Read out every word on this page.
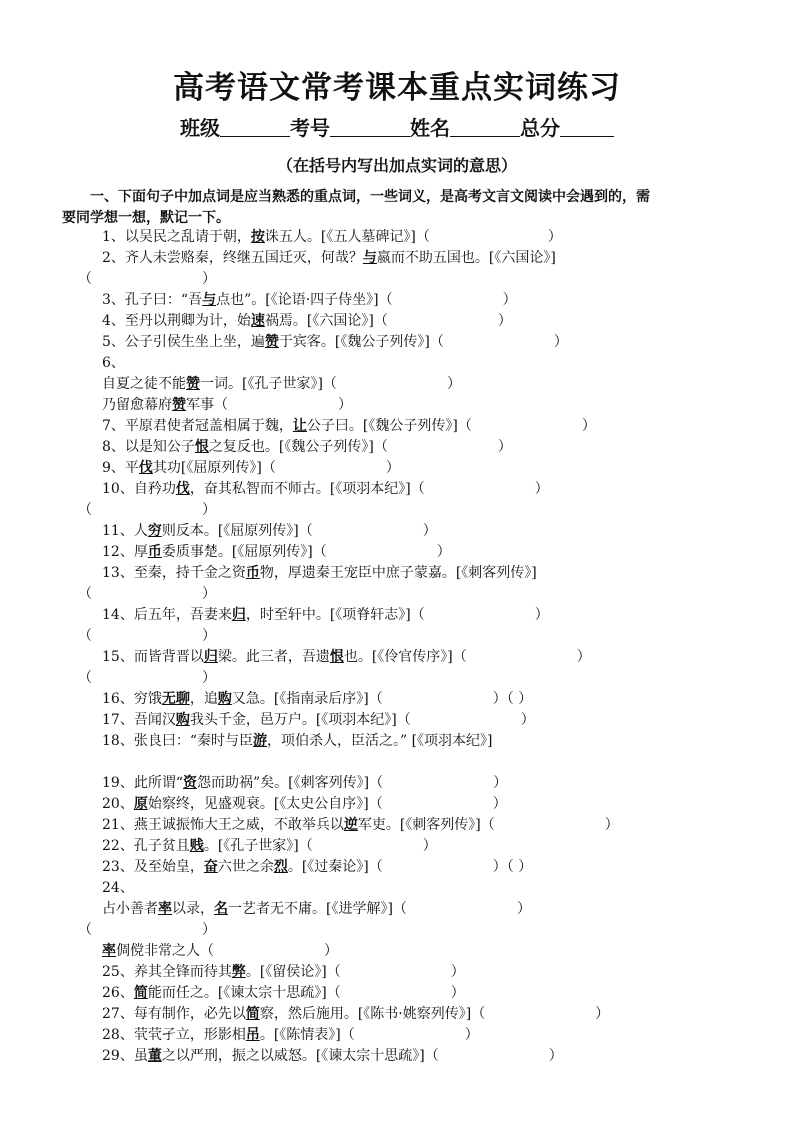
高考语文常考课本重点实词练习
班级	考号	姓名	总分
（在括号内写出加点实词的意思）
一、下面句子中加点词是应当熟悉的重点词，一些词义，是高考文言文阅读中会遇到的，需
要同学想一想，默记一下。
1、以吴民之乱请于朝，按诛五人。[《五人墓碑记》]（	）
2、齐人未尝赂秦，终继五国迁灭，何哉？与嬴而不助五国也。[《六国论》]
（	）
3、孔子曰：“吾与点也”。[《论语·四子侍坐》]（	）
4、至丹以荆卿为计，始速祸焉。[《六国论》]（	）
5、公子引侯生坐上坐，遍赞于宾客。[《魏公子列传》]（	）
6、
自夏之徒不能赞一词。[《孔子世家》]（	）
乃留愈幕府赞军事（	）
7、平原君使者冠盖相属于魏，让公子曰。[《魏公子列传》]（	）
8、以是知公子恨之复反也。[《魏公子列传》]（	）
9、平伐其功[《屈原列传》]（	）
10、自矜功伐，奋其私智而不师古。[《项羽本纪》]（	）
（	）
11、人穷则反本。[《屈原列传》]（	）
12、厚币委质事楚。[《屈原列传》]（	）
13、至秦，持千金之资币物，厚遗秦王宠臣中庶子蒙嘉。[《刺客列传》]
（	）
14、后五年，吾妻来归，时至轩中。[《项脊轩志》]（	）
（	）
15、而皆背晋以归梁。此三者，吾遗恨也。[《伶官传序》]（	）
（	）
16、穷饿无聊，追购又急。[《指南录后序》]（	）（ ）
17、吾闻汉购我头千金，邑万户。[《项羽本纪》]（	）
18、张良曰：“秦时与臣游，项伯杀人，臣活之。” [《项羽本纪》]
19、此所谓“资怨而助祸”矣。[《刺客列传》]（	）
20、原始察终，见盛观衰。[《太史公自序》]（	）
21、燕王诚振怖大王之威，不敢举兵以逆军吏。[《刺客列传》]（	）
22、孔子贫且贱。[《孔子世家》]（	）
23、及至始皇，奋六世之余烈。[《过秦论》]（	）（ ）
24、
占小善者率以录，名一艺者无不庸。[《进学解》]（	）
（	）
率倜傥非常之人（	）
25、养其全锋而待其弊。[《留侯论》]（	）
26、简能而任之。[《谏太宗十思疏》]（	）
27、每有制作，必先以简察，然后施用。[《陈书·姚察列传》]（	）
28、茕茕孑立，形影相吊。[《陈情表》]（	）
29、虽董之以严刑，振之以威怒。[《谏太宗十思疏》]（	）
